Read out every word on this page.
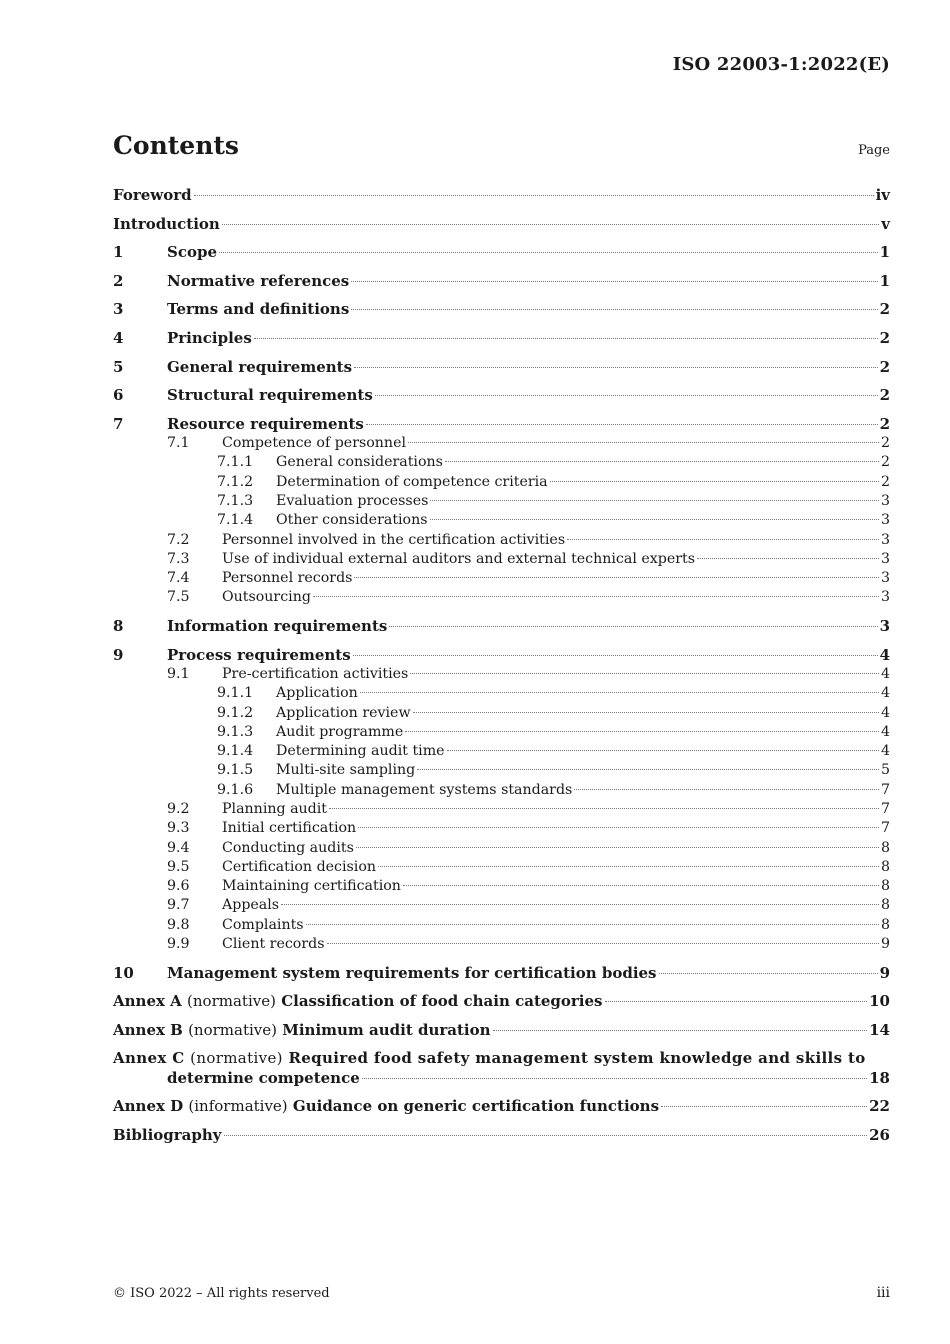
ISO 22003-1:2022(E)
Contents	Page
Foreword	iv
Introduction	v
1	Scope	1
2	Normative references	1
3	Terms and definitions	2
4	Principles	2
5	General requirements	2
6	Structural requirements	2
7	Resource requirements	2
7.1	Competence of personnel	2
7.1.1	General considerations	2
7.1.2	Determination of competence criteria	2
7.1.3	Evaluation processes	3
7.1.4	Other considerations	3
7.2	Personnel involved in the certification activities	3
7.3	Use of individual external auditors and external technical experts	3
7.4	Personnel records	3
7.5	Outsourcing	3
8	Information requirements	3
9	Process requirements	4
9.1	Pre-certification activities	4
9.1.1	Application	4
9.1.2	Application review	4
9.1.3	Audit programme	4
9.1.4	Determining audit time	4
9.1.5	Multi-site sampling	5
9.1.6	Multiple management systems standards	7
9.2	Planning audit	7
9.3	Initial certification	7
9.4	Conducting audits	8
9.5	Certification decision	8
9.6	Maintaining certification	8
9.7	Appeals	8
9.8	Complaints	8
9.9	Client records	9
10	Management system requirements for certification bodies	9
Annex A (normative) Classification of food chain categories	10
Annex B (normative) Minimum audit duration	14
Annex C (normative) Required food safety management system knowledge and skills to
determine competence	18
Annex D (informative) Guidance on generic certification functions	22
Bibliography	26
© ISO 2022 – All rights reserved	iii
